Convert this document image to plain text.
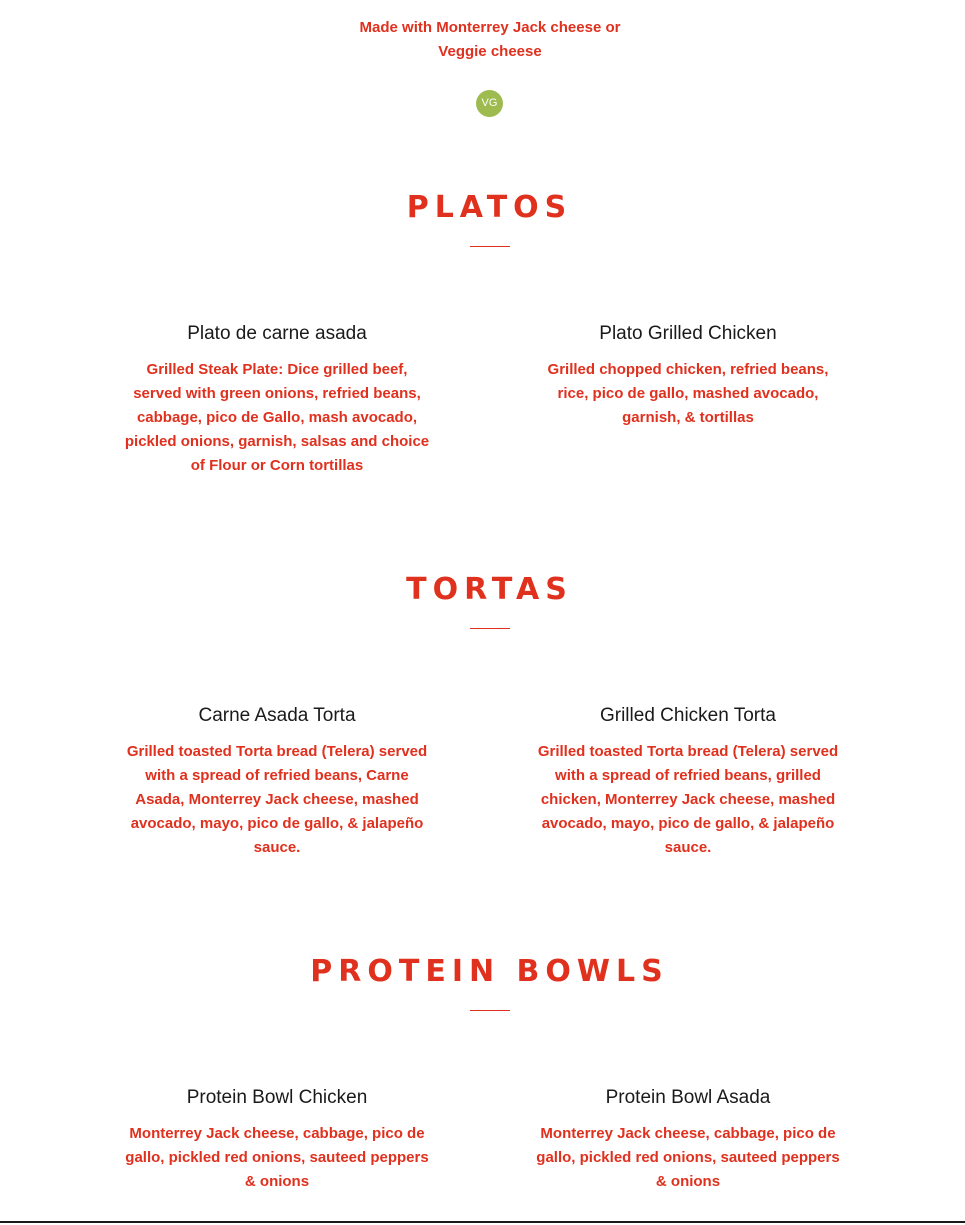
Made with Monterrey Jack cheese or Veggie cheese
VG
PLATOS
Plato de carne asada
Grilled Steak Plate: Dice grilled beef, served with green onions, refried beans, cabbage, pico de Gallo, mash avocado, pickled onions, garnish, salsas and choice of Flour or Corn tortillas
Plato Grilled Chicken
Grilled chopped chicken, refried beans, rice, pico de gallo, mashed avocado, garnish, & tortillas
TORTAS
Carne Asada Torta
Grilled toasted Torta bread (Telera) served with a spread of refried beans, Carne Asada, Monterrey Jack cheese, mashed avocado, mayo, pico de gallo, & jalapeño sauce.
Grilled Chicken Torta
Grilled toasted Torta bread (Telera) served with a spread of refried beans, grilled chicken, Monterrey Jack cheese, mashed avocado, mayo, pico de gallo, & jalapeño sauce.
PROTEIN BOWLS
Protein Bowl Chicken
Monterrey Jack cheese, cabbage, pico de gallo, pickled red onions, sauteed peppers & onions
Protein Bowl Asada
Monterrey Jack cheese, cabbage, pico de gallo, pickled red onions, sauteed peppers & onions
